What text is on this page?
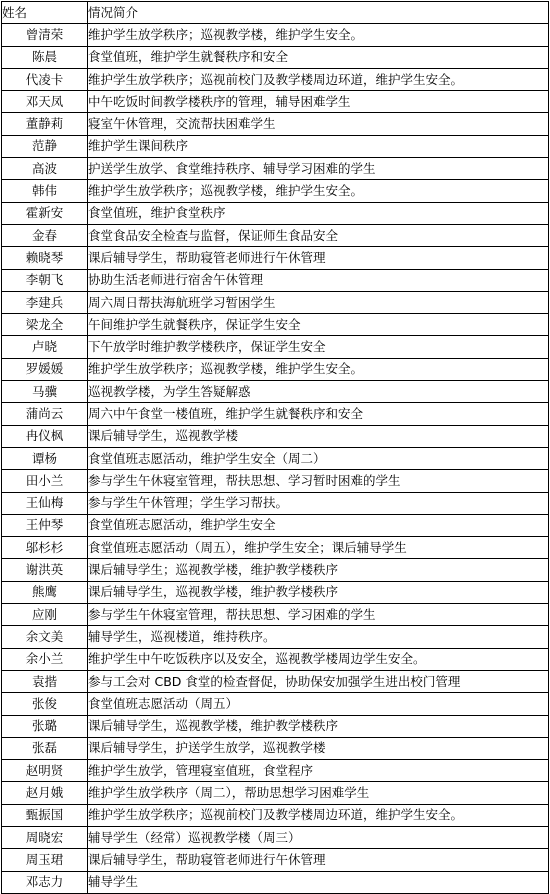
姓名	情况简介
曾清荣	维护学生放学秩序；巡视教学楼，维护学生安全。
陈晨	食堂值班，维护学生就餐秩序和安全
代凌卡	维护学生放学秩序；巡视前校门及教学楼周边环道，维护学生安全。
邓天凤	中午吃饭时间教学楼秩序的管理，辅导困难学生
董静莉	寝室午休管理，交流帮扶困难学生
范静	维护学生课间秩序
高波	护送学生放学、食堂维持秩序、辅导学习困难的学生
韩伟	维护学生放学秩序；巡视教学楼，维护学生安全。
霍新安	食堂值班，维护食堂秩序
金春	食堂食品安全检查与监督，保证师生食品安全
赖晓琴	课后辅导学生，帮助寝管老师进行午休管理
李朝飞	协助生活老师进行宿舍午休管理
李建兵	周六周日帮扶海航班学习暂困学生
梁龙全	午间维护学生就餐秩序，保证学生安全
卢晓	下午放学时维护教学楼秩序，保证学生安全
罗媛媛	维护学生放学秩序；巡视教学楼，维护学生安全。
马骥	巡视教学楼，为学生答疑解惑
蒲尚云	周六中午食堂一楼值班，维护学生就餐秩序和安全
冉仪枫	课后辅导学生，巡视教学楼
谭杨	食堂值班志愿活动，维护学生安全（周二）
田小兰	参与学生午休寝室管理，帮扶思想、学习暂时困难的学生
王仙梅	参与学生午休管理；学生学习帮扶。
王仲琴	食堂值班志愿活动，维护学生安全
邬杉杉	食堂值班志愿活动（周五），维护学生安全；课后辅导学生
谢洪英	课后辅导学生；巡视教学楼，维护教学楼秩序
熊鹰	课后辅导学生，巡视教学楼，维护教学楼秩序
应刚	参与学生午休寝室管理，帮扶思想、学习困难的学生
余文美	辅导学生，巡视楼道，维持秩序。
余小兰	维护学生中午吃饭秩序以及安全，巡视教学楼周边学生安全。
袁揩	参与工会对 CBD 食堂的检查督促，协助保安加强学生进出校门管理
张俊	食堂值班志愿活动（周五）
张璐	课后辅导学生，巡视教学楼，维护教学楼秩序
张磊	课后辅导学生，护送学生放学，巡视教学楼
赵明贤	维护学生放学，管理寝室值班，食堂程序
赵月娥	维护学生放学秩序（周二），帮助思想学习困难学生
甄振国	维护学生放学秩序；巡视前校门及教学楼周边环道，维护学生安全。
周晓宏	辅导学生（经常）巡视教学楼（周三）
周玉珺	课后辅导学生，帮助寝管老师进行午休管理
邓志力	辅导学生
